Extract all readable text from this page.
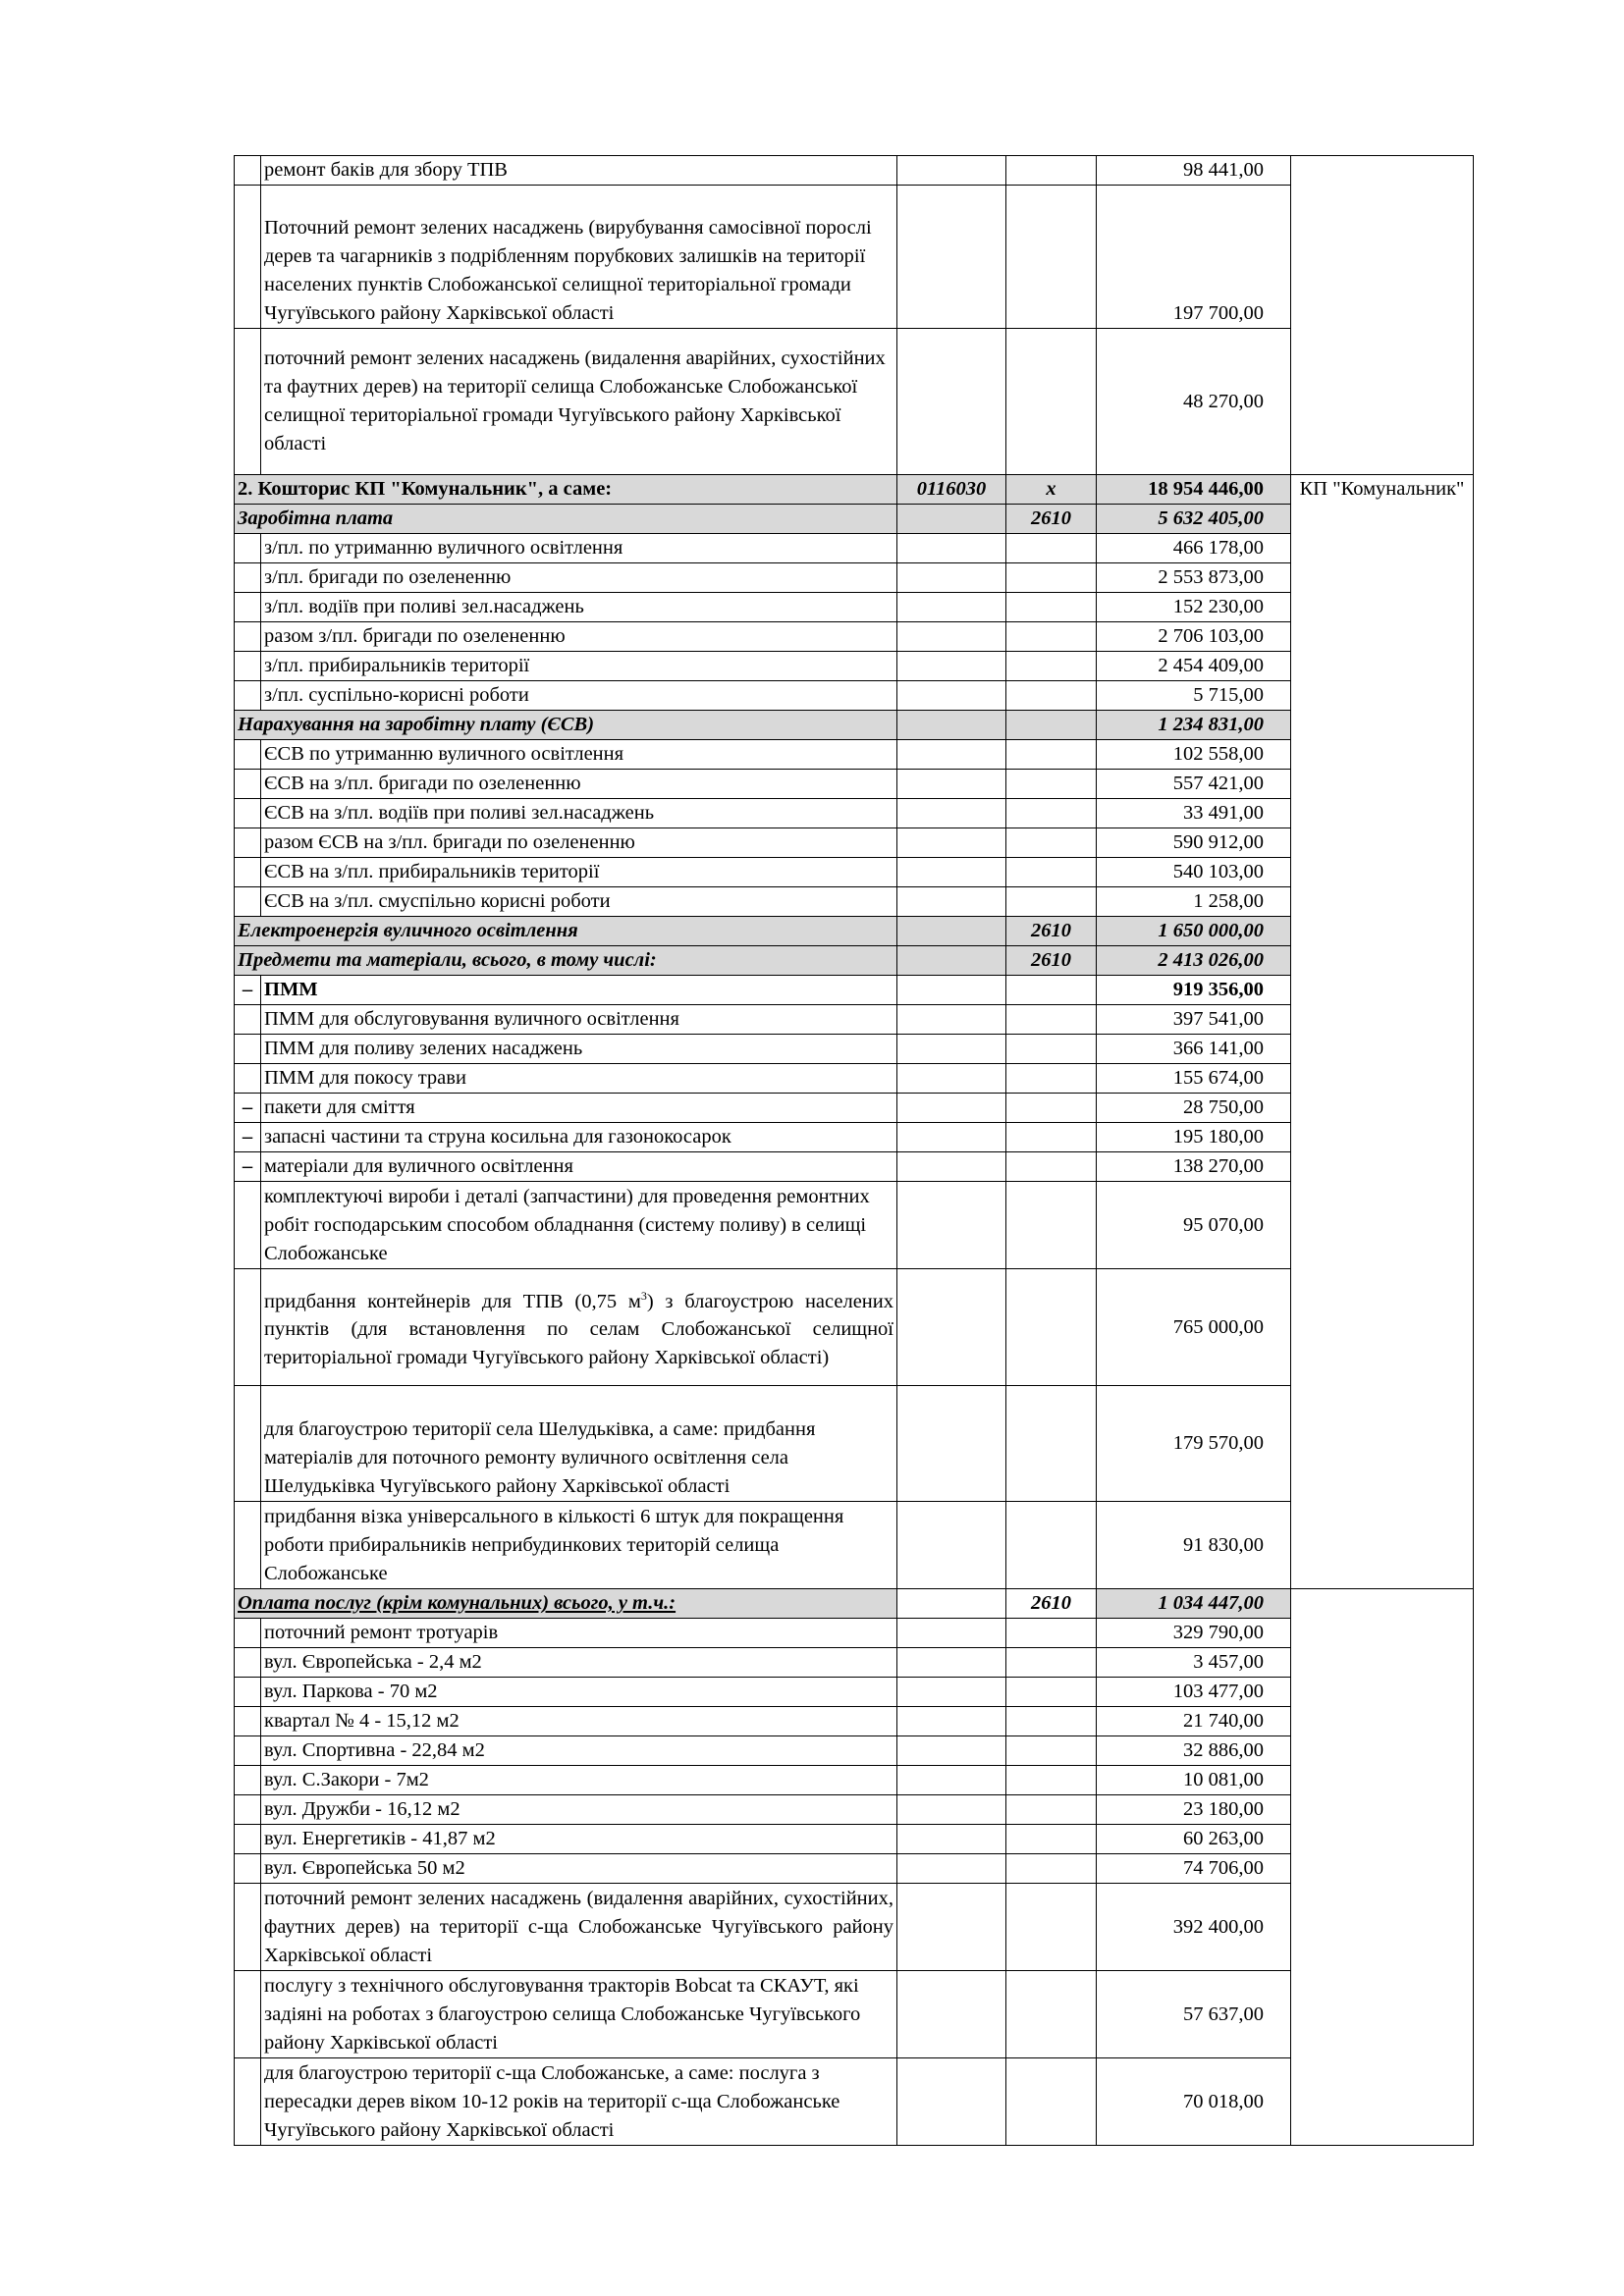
	ремонт баків для збору ТПВ			98 441,00	
	Поточний ремонт зелених насаджень (вирубування самосівної порослі дерев та чагарників з подрібленням порубкових залишків на території населених пунктів Слобожанської селищної територіальної громади Чугуївського району Харківської області			197 700,00	
	поточний ремонт зелених насаджень (видалення аварійних, сухостійних та фаутних дерев) на території селища Слобожанське Слобожанської селищної територіальної громади Чугуївського району Харківської області			48 270,00	
2. Кошторис КП "Комунальник", а саме:		0116030	x	18 954 446,00	КП "Комунальник"
Заробітна плата			2610	5 632 405,00	
	з/пл. по утриманню вуличного освітлення			466 178,00	
	з/пл. бригади по озелененню			2 553 873,00	
	з/пл. водіїв при поливі зел.насаджень			152 230,00	
	разом з/пл. бригади по озелененню			2 706 103,00	
	з/пл. прибиральників території			2 454 409,00	
	з/пл. суспільно-корисні роботи			5 715,00	
Нарахування на заробітну плату (ЄСВ)				1 234 831,00	
	ЄСВ по утриманню вуличного освітлення			102 558,00	
	ЄСВ на з/пл. бригади по озелененню			557 421,00	
	ЄСВ на з/пл. водіїв при поливі зел.насаджень			33 491,00	
	разом ЄСВ на з/пл. бригади по озелененню			590 912,00	
	ЄСВ на з/пл. прибиральників території			540 103,00	
	ЄСВ на з/пл. смуспільно корисні роботи			1 258,00	
Електроенергія вуличного освітлення			2610	1 650 000,00	
Предмети та матеріали, всього, в тому числі:			2610	2 413 026,00	
–	ПММ			919 356,00	
	ПММ для обслуговування вуличного освітлення			397 541,00	
	ПММ для поливу зелених насаджень			366 141,00	
	ПММ для покосу трави			155 674,00	
–	пакети для сміття			28 750,00	
–	запасні частини та струна косильна для газонокосарок			195 180,00	
–	матеріали для вуличного освітлення			138 270,00	
	комплектуючі вироби і деталі (запчастини) для проведення ремонтних робіт господарським способом обладнання (систему поливу) в селищі Слобожанське			95 070,00	
	придбання контейнерів для ТПВ (0,75 $м^3$) з благоустрою населених пунктів (для встановлення по селам Слобожанської селищної територіальної громади Чугуївського району Харківської області)			765 000,00	
	для благоустрою території села Шелудьківка, а саме: придбання матеріалів для поточного ремонту вуличного освітлення села Шелудьківка Чугуївського району Харківської області			179 570,00	
	придбання візка універсального в кількості 6 штук для покращення роботи прибиральників неприбудинкових територій селища Слобожанське			91 830,00	
Оплата послуг (крім комунальних) всього, у т.ч.:			2610	1 034 447,00	
	поточний ремонт тротуарів			329 790,00	
	вул. Європейська - 2,4 м2			3 457,00	
	вул. Паркова - 70 м2			103 477,00	
	квартал № 4 - 15,12 м2			21 740,00	
	вул. Спортивна - 22,84 м2			32 886,00	
	вул. С.Закори - 7м2			10 081,00	
	вул. Дружби - 16,12 м2			23 180,00	
	вул. Енергетиків - 41,87 м2			60 263,00	
	вул. Європейська 50 м2			74 706,00	
	поточний ремонт зелених насаджень (видалення аварійних, сухостійних, фаутних дерев) на території с-ща Слобожанське Чугуївського району Харківської області			392 400,00	
	послугу з технічного обслуговування тракторів Bobcat та СКАУТ, які задіяні на роботах з благоустрою селища Слобожанське Чугуївського району Харківської області			57 637,00	
	для благоустрою території с-ща Слобожанське, а саме: послуга з пересадки дерев віком 10-12 років на території с-ща Слобожанське Чугуївського району Харківської області			70 018,00	
